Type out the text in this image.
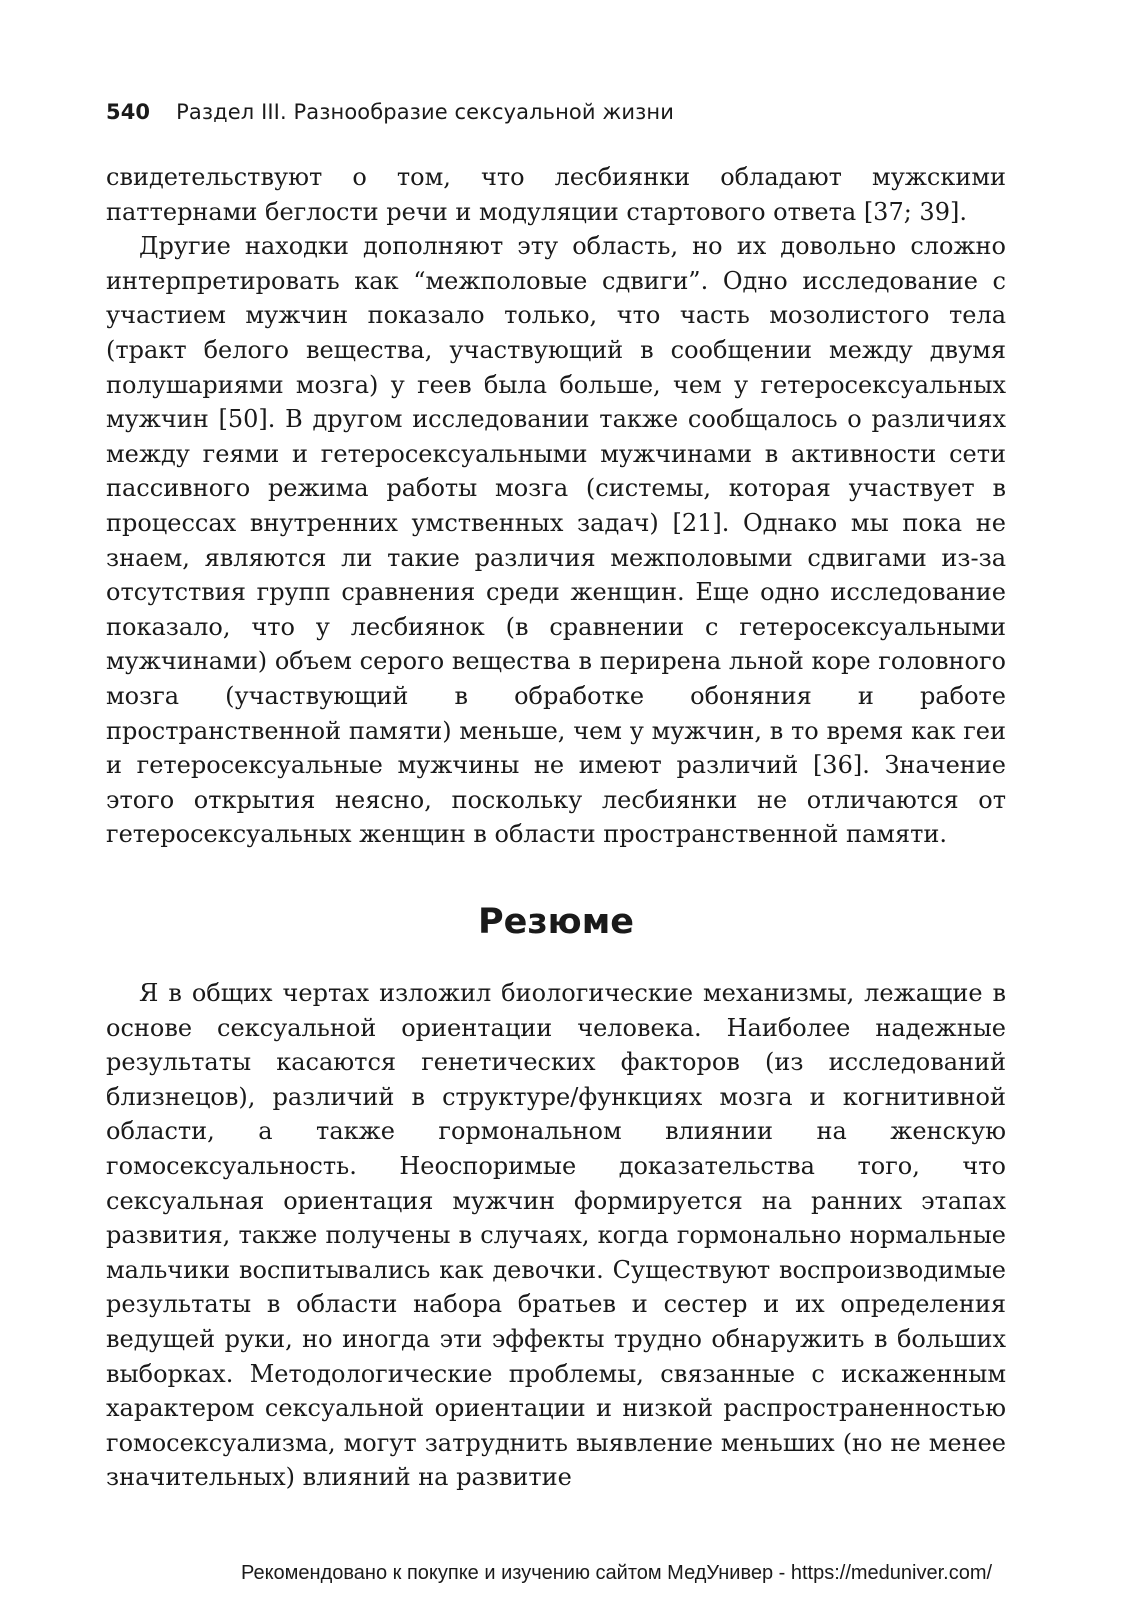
540 Раздел III. Разнообразие сексуальной жизни

свидетельствуют о том, что лесбиянки обладают мужскими паттернами беглости речи и модуляции стартового ответа [37; 39].

Другие находки дополняют эту область, но их довольно сложно интерпретировать как “межполовые сдвиги”. Одно исследование с участием мужчин показало только, что часть мозолистого тела (тракт белого вещества, участвующий в сообщении между двумя полушариями мозга) у геев была больше, чем у гетеросексуальных мужчин [50]. В другом исследовании также сообщалось о различиях между геями и гетеросексуальными мужчинами в активности сети пассивного режима работы мозга (системы, которая участвует в процессах внутренних умственных задач) [21]. Однако мы пока не знаем, являются ли такие различия межполовыми сдвигами из-за отсутствия групп сравнения среди женщин. Еще одно исследование показало, что у лесбиянок (в сравнении с гетеросексуальными мужчинами) объем серого вещества в перирена льной коре головного мозга (участвующий в обработке обоняния и работе пространственной памяти) меньше, чем у мужчин, в то время как геи и гетеросексуальные мужчины не имеют различий [36]. Значение этого открытия неясно, поскольку лесбиянки не отличаются от гетеросексуальных женщин в области пространственной памяти.

Резюме

Я в общих чертах изложил биологические механизмы, лежащие в основе сексуальной ориентации человека. Наиболее надежные результаты касаются генетических факторов (из исследований близнецов), различий в структуре/функциях мозга и когнитивной области, а также гормональном влиянии на женскую гомосексуальность. Неоспоримые доказательства того, что сексуальная ориентация мужчин формируется на ранних этапах развития, также получены в случаях, когда гормонально нормальные мальчики воспитывались как девочки. Существуют воспроизводимые результаты в области набора братьев и сестер и их определения ведущей руки, но иногда эти эффекты трудно обнаружить в больших выборках. Методологические проблемы, связанные с искаженным характером сексуальной ориентации и низкой распространенностью гомосексуализма, могут затруднить выявление меньших (но не менее значительных) влияний на развитие

Рекомендовано к покупке и изучению сайтом МедУнивер - https://meduniver.com/
